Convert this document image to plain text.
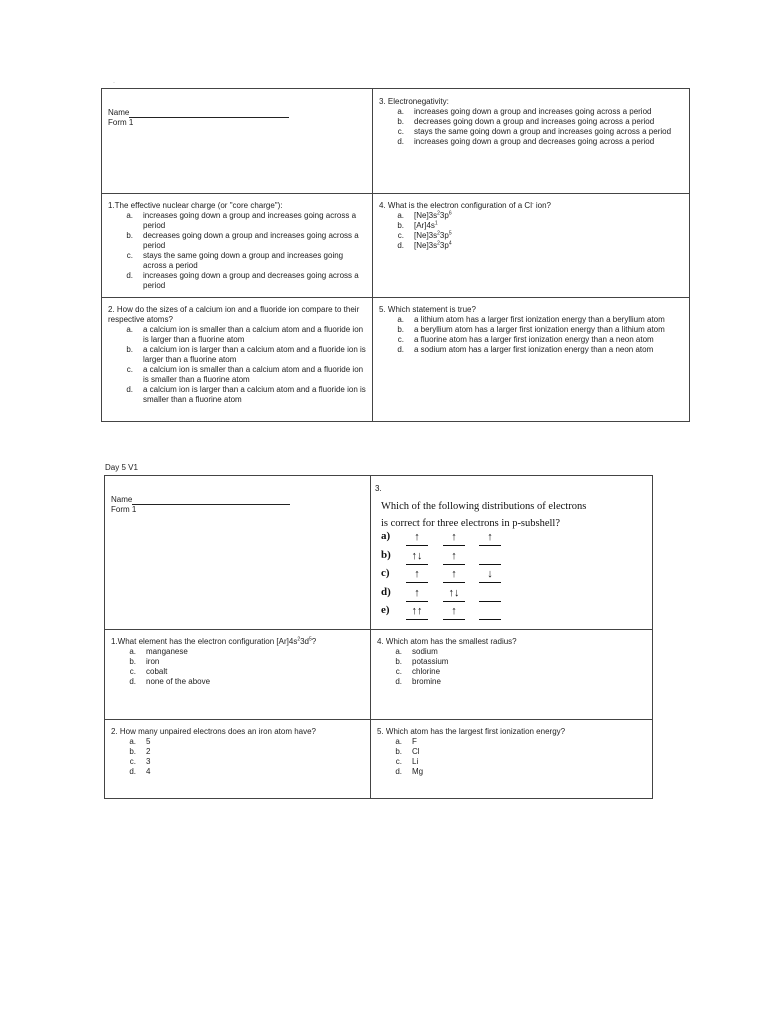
·
Name
Form 1
3. Electronegativity:
a.	increases going down a group and increases going across a period
b.	decreases going down a group and increases going across a period
c.	stays the same going down a group and increases going across a period
d.	increases going down a group and decreases going across a period
1.The effective nuclear charge (or "core charge"):
a.	increases going down a group and increases going across a period
b.	decreases going down a group and increases going across a period
c.	stays the same going down a group and increases going across a period
d.	increases going down a group and decreases going across a period
4. What is the electron configuration of a Cl- ion?
a.	$[Ne]3s^23p^6$
b.	$[Ar]4s^1$
c.	$[Ne]3s^23p^5$
d.	$[Ne]3s^23p^4$
2. How do the sizes of a calcium ion and a fluoride ion compare to their respective atoms?
a.	a calcium ion is smaller than a calcium atom and a fluoride ion is larger than a fluorine atom
b.	a calcium ion is larger than a calcium atom and a fluoride ion is larger than a fluorine atom
c.	a calcium ion is smaller than a calcium atom and a fluoride ion is smaller than a fluorine atom
d.	a calcium ion is larger than a calcium atom and a fluoride ion is smaller than a fluorine atom
5. Which statement is true?
a.	a lithium atom has a larger first ionization energy than a beryllium atom
b.	a beryllium atom has a larger first ionization energy than a lithium atom
c.	a fluorine atom has a larger first ionization energy than a neon atom
d.	a sodium atom has a larger first ionization energy than a neon atom
Day 5 V1
Name
Form 1
3.
Which of the following distributions of electrons
is correct for three electrons in p-subshell?
a)	↑	↑	↑
b)	↑↓	↑
c)	↑	↑	↓
d)	↑	↑↓
e)	↑↑	↑
1.What element has the electron configuration $[Ar]4s^23d^5$?
a.	manganese
b.	iron
c.	cobalt
d.	none of the above
4. Which atom has the smallest radius?
a.	sodium
b.	potassium
c.	chlorine
d.	bromine
2. How many unpaired electrons does an iron atom have?
a.	5
b.	2
c.	3
d.	4
5. Which atom has the largest first ionization energy?
a.	F
b.	Cl
c.	Li
d.	Mg
